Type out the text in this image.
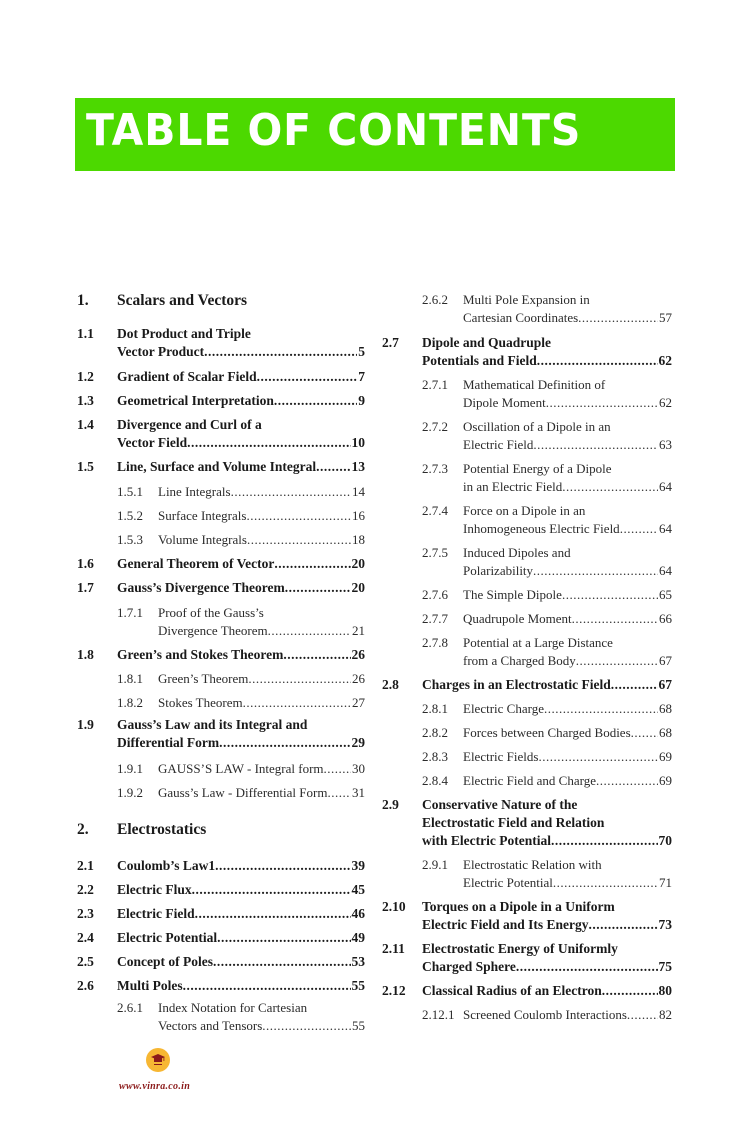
TABLE OF CONTENTS
1. Scalars and Vectors
1.1 Dot Product and Triple
Vector Product .....	5
1.2 Gradient of Scalar Field .....	7
1.3 Geometrical Interpretation .....	9
1.4 Divergence and Curl of a
Vector Field .....	10
1.5 Line, Surface and Volume Integral .....	13
1.5.1 Line Integrals .....	14
1.5.2 Surface Integrals .....	16
1.5.3 Volume Integrals .....	18
1.6 General Theorem of Vector .....	20
1.7 Gauss’s Divergence Theorem .....	20
1.7.1 Proof of the Gauss’s
Divergence Theorem .....	21
1.8 Green’s and Stokes Theorem .....	26
1.8.1 Green’s Theorem .....	26
1.8.2 Stokes Theorem .....	27
1.9 Gauss’s Law and its Integral and
Differential Form .....	29
1.9.1 GAUSS’S LAW - Integral form ..... 30
1.9.2 Gauss’s Law - Differential Form ..... 31
2. Electrostatics
2.1 Coulomb’s Law1 .....	39
2.2 Electric Flux .....	45
2.3 Electric Field .....	46
2.4 Electric Potential .....	49
2.5 Concept of Poles .....	53
2.6 Multi Poles .....	55
2.6.1 Index Notation for Cartesian
Vectors and Tensors .....	55
2.6.2 Multi Pole Expansion in
Cartesian Coordinates .....	57
2.7 Dipole and Quadruple
Potentials and Field .....	62
2.7.1 Mathematical Definition of
Dipole Moment .....	62
2.7.2 Oscillation of a Dipole in an
Electric Field .....	63
2.7.3 Potential Energy of a Dipole
in an Electric Field .....	64
2.7.4 Force on a Dipole in an
Inhomogeneous Electric Field .....	64
2.7.5 Induced Dipoles and
Polarizability .....	64
2.7.6 The Simple Dipole .....	65
2.7.7 Quadrupole Moment .....	66
2.7.8 Potential at a Large Distance
from a Charged Body .....	67
2.8 Charges in an Electrostatic Field .....	67
2.8.1 Electric Charge .....	68
2.8.2 Forces between Charged Bodies ..... 68
2.8.3 Electric Fields .....	69
2.8.4 Electric Field and Charge .....	69
2.9 Conservative Nature of the
Electrostatic Field and Relation
with Electric Potential .....	70
2.9.1 Electrostatic Relation with
Electric Potential .....	71
2.10 Torques on a Dipole in a Uniform
Electric Field and Its Energy .....	73
2.11 Electrostatic Energy of Uniformly
Charged Sphere .....	75
2.12 Classical Radius of an Electron .....	80
2.12.1 Screened Coulomb Interactions ..... 82
www.vinra.co.in
